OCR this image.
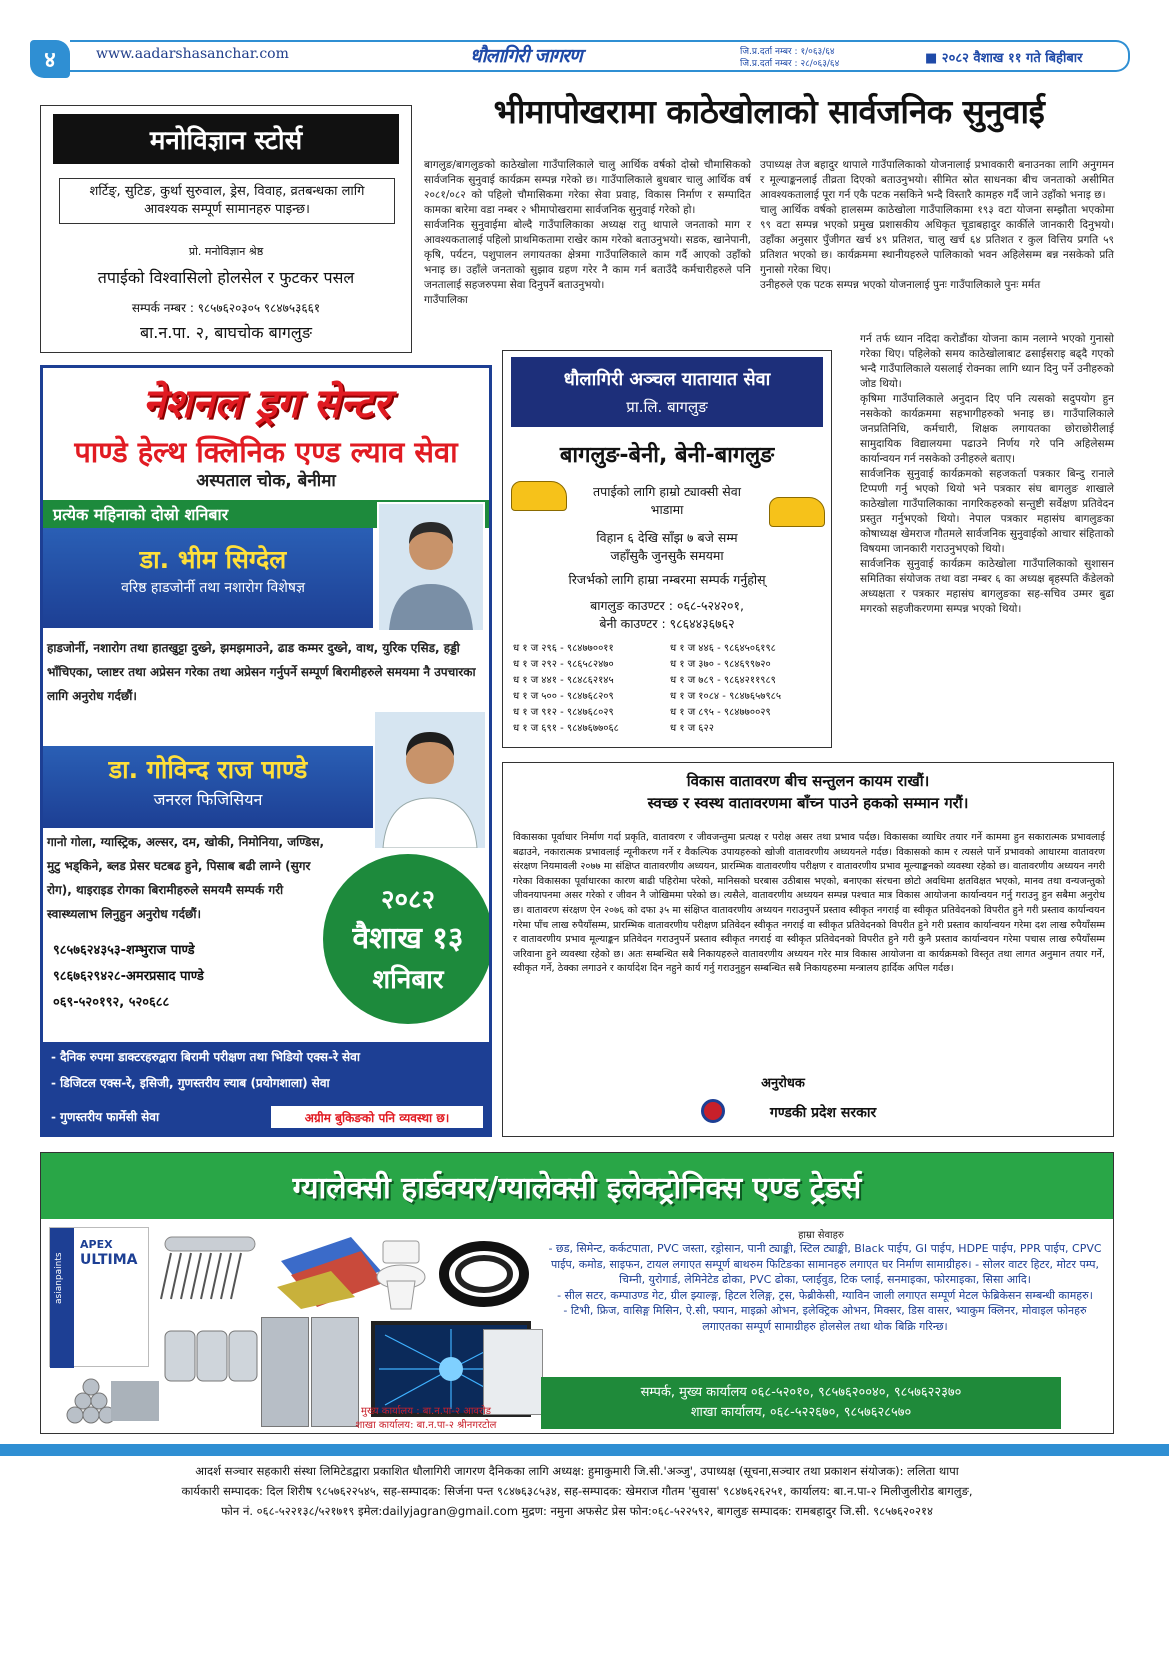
४	www.aadarshasanchar.com	धौलागिरी जागरण	जि.प्र.दर्ता नम्बर : १/०६३/६४
जि.प्र.दर्ता नम्बर : २८/०६३/६४	■ २०८२ वैशाख ११ गते बिहीबार
मनोविज्ञान स्टोर्स
शर्टिङ्, सुटिङ, कुर्था सुरुवाल, ड्रेस, विवाह, व्रतबन्धका लागि आवश्यक सम्पूर्ण सामानहरु पाइन्छ।
प्रो. मनोविज्ञान श्रेष्ठ
तपाईको विश्वासिलो होलसेल र फुटकर पसल
सम्पर्क नम्बर : ९८५७६२०३०५ ९८४७५३६६१
बा.न.पा. २, बाघचोक बागलुङ
भीमापोखरामा काठेखोलाको सार्वजनिक सुनुवाई

बागलुङ/बागलुङको काठेखोला गाउँपालिकाले चालु आर्थिक वर्षको दोस्रो चौमासिकको सार्वजनिक सुनुवाई कार्यक्रम सम्पन्न गरेको छ। गाउँपालिकाले बुधबार चालु आर्थिक वर्ष २०८१/०८२ को पहिलो चौमासिकमा गरेका सेवा प्रवाह, विकास निर्माण र सम्पादित कामका बारेमा वडा नम्बर २ भीमापोखरामा सार्वजनिक सुनुवाई गरेको हो।

सार्वजनिक सुनुवाईमा बोल्दै गाउँपालिकाका अध्यक्ष रातु थापाले जनताको माग र आवश्यकतालाई पहिलो प्राथमिकतामा राखेर काम गरेको बताउनुभयो। सडक, खानेपानी, कृषि, पर्यटन, पशुपालन लगायतका क्षेत्रमा गाउँपालिकाले काम गर्दै आएको उहाँको भनाइ छ। उहाँले जनताको सुझाव ग्रहण गरेर नै काम गर्न बताउँदै कर्मचारीहरुले पनि जनतालाई सहजरुपमा सेवा दिनुपर्ने बताउनुभयो।

गाउँपालिका

उपाध्यक्ष तेज बहादुर थापाले गाउँपालिकाको योजनालाई प्रभावकारी बनाउनका लागि अनुगमन र मूल्याङ्कनलाई तीव्रता दिएको बताउनुभयो। सीमित स्रोत साधनका बीच जनताको असीमित आवश्यकतालाई पूरा गर्न एकै पटक नसकिने भन्दै विस्तारै कामहरु गर्दै जाने उहाँको भनाइ छ।

चालु आर्थिक वर्षको हालसम्म काठेखोला गाउँपालिकामा १९३ वटा योजना सम्झौता भएकोमा ९९ वटा सम्पन्न भएको प्रमुख प्रशासकीय अधिकृत चूडाबहादुर कार्कीले जानकारी दिनुभयो। उहाँका अनुसार पुँजीगत खर्च ४९ प्रतिशत, चालु खर्च ६४ प्रतिशत र कुल वित्तिय प्रगति ५९ प्रतिशत भएको छ। कार्यक्रममा स्थानीयहरुले पालिकाको भवन अहिलेसम्म बन्न नसकेको प्रति गुनासो गरेका थिए।

उनीहरुले एक पटक सम्पन्न भएको योजनालाई पुनः गाउँपालिकाले पुनः मर्मत

गर्न तर्फ ध्यान नदिदा करोडौंका योजना काम नलाग्ने भएको गुनासो गरेका थिए। पहिलेको समय काठेखोलाबाट ढसाईसराइ बढ्दै गएको भन्दै गाउँपालिकाले यसलाई रोक्नका लागि ध्यान दिनु पर्ने उनीहरुको जोड थियो।

कृषिमा गाउँपालिकाले अनुदान दिए पनि त्यसको सदुपयोग हुन नसकेको कार्यक्रममा सहभागीहरुको भनाइ छ। गाउँपालिकाले जनप्रतिनिधि, कर्मचारी, शिक्षक लगायतका छोराछोरीलाई सामुदायिक विद्यालयमा पढाउने निर्णय गरे पनि अहिलेसम्म कार्यान्वयन गर्न नसकेको उनीहरुले बताए।

सार्वजनिक सुनुवाई कार्यक्रमको सहजकर्ता पत्रकार बिन्दु रानाले टिप्पणी गर्नु भएको थियो भने पत्रकार संघ बागलुङ शाखाले काठेखोला गाउँपालिकाका नागरिकहरुको सन्तुष्टी सर्वेक्षण प्रतिवेदन प्रस्तुत गर्नुभएको थियो। नेपाल पत्रकार महासंघ बागलुङका कोषाध्यक्ष खेमराज गौतमले सार्वजनिक सुनुवाईको आचार संहिताको विषयमा जानकारी गराउनुभएको थियो।

सार्वजनिक सुनुवाई कार्यक्रम काठेखोला गाउँपालिकाको सुशासन समितिका संयोजक तथा वडा नम्बर ६ का अध्यक्ष बृहस्पति कँडेलको अध्यक्षता र पत्रकार महासंघ बागलुङका सह-सचिव उम्मर बुढा मगरको सहजीकरणमा सम्पन्न भएको थियो।

नेशनल ड्रग सेन्टर
पाण्डे हेल्थ क्लिनिक एण्ड ल्याव सेवा
अस्पताल चोक, बेनीमा
प्रत्येक महिनाको दोस्रो शनिबार
डा. भीम सिग्देल
वरिष्ठ हाडजोर्नी तथा नशारोग विशेषज्ञ
हाडजोर्नी, नशारोग तथा हातखुट्टा दुख्ने, झमझमाउने, ढाड कम्मर दुख्ने, वाथ, युरिक एसिड, हड्डी भाँचिएका, प्लाष्टर तथा अप्रेसन गरेका तथा अप्रेसन गर्नुपर्ने सम्पूर्ण बिरामीहरुले समयमा नै उपचारका लागि अनुरोध गर्दछौं।
डा. गोविन्द राज पाण्डे
जनरल फिजिसियन
गानो गोला, ग्यास्ट्रिक, अल्सर, दम, खोकी, निमोनिया, जण्डिस, मुटु भड्किने, ब्लड प्रेसर घटबढ हुने, पिसाब बढी लाग्ने (सुगर रोग), थाइराइड रोगका बिरामीहरुले समयमै सम्पर्क गरी स्वास्थ्यलाभ लिनुहुन अनुरोध गर्दछौं।	२०८२
वैशाख १३
शनिबार
९८५७६२४३५३-शम्भुराज पाण्डे
९८६७६२९४२८-अमरप्रसाद पाण्डे
०६९-५२०१९२, ५२०६८८
- दैनिक रुपमा डाक्टरहरुद्वारा बिरामी परीक्षण तथा भिडियो एक्स-रे सेवा
- डिजिटल एक्स-रे, इसिजी, गुणस्तरीय ल्याब (प्रयोगशाला) सेवा
- गुणस्तरीय फार्मेसी सेवा	अग्रीम बुकिङको पनि व्यवस्था छ।
धौलागिरी अञ्चल यातायात सेवा
प्रा.लि. बागलुङ
बागलुङ-बेनी, बेनी-बागलुङ
तपाईको लागि हाम्रो ट्याक्सी सेवा
भाडामा
विहान ६ देखि साँझ ७ बजे सम्म
जहाँसुकै जुनसुकै समयमा
रिजर्भको लागि हाम्रा नम्बरमा सम्पर्क गर्नुहोस्
बागलुङ काउण्टर : ०६८-५२४२०१,
बेनी काउण्टर : ९८६४४३६७६२
ध १ ज २९६ - ९८४७७००११	ध १ ज ४४६ - ९८६४५०६१९८
ध १ ज २९२ - ९८६५८२४७०	ध १ ज ३७० - ९८४६९९७२०
ध १ ज ४४१ - ९८४८६२१४५	ध १ ज ७८९ - ९८६४२११९८९
ध १ ज ५०० - ९८४७६८२०९	ध १ ज १०८४ - ९८४७६५७९८५
ध १ ज ९१२ - ९८४७६८०२९	ध १ ज ८९५ - ९८४७७००२९
ध १ ज ६९१ - ९८४७६७७०६८	ध १ ज ६२२
विकास वातावरण बीच सन्तुलन कायम राखौं।
स्वच्छ र स्वस्थ वातावरणमा बाँच्न पाउने हकको सम्मान गरौं।
विकासका पूर्वाधार निर्माण गर्दा प्रकृति, वातावरण र जीवजन्तुमा प्रत्यक्ष र परोक्ष असर तथा प्रभाव पर्दछ। विकासका व्याधिर तयार गर्ने काममा हुन सकारात्मक प्रभावलाई बढाउने, नकारात्मक प्रभावलाई न्यूनीकरण गर्ने र वैकल्पिक उपायहरुको खोजी वातावरणीय अध्ययनले गर्दछ। विकासको काम र त्यसले पार्ने प्रभावको आधारमा वातावरण संरक्षण नियमावली २०७७ मा संक्षिप्त वातावरणीय अध्ययन, प्रारम्भिक वातावरणीय परीक्षण र वातावरणीय प्रभाव मूल्याङ्कनको व्यवस्था रहेको छ। वातावरणीय अध्ययन नगरी गरेका विकासका पूर्वाधारका कारण बाढी पहिरोमा परेको, मानिसको घरबास उठीबास भएको, बनाएका संरचना छोटो अवधिमा क्षतविक्षत भएको, मानव तथा वन्यजन्तुको जीवनयापनमा असर गरेको र जीवन नै जोखिममा परेको छ। त्यसैले, वातावरणीय अध्ययन सम्पन्न पश्चात मात्र विकास आयोजना कार्यान्वयन गर्नु गराउनु हुन सबैमा अनुरोध छ। वातावरण संरक्षण ऐन २०७६ को दफा ३५ मा संक्षिप्त वातावरणीय अध्ययन गराउनुपर्ने प्रस्ताव स्वीकृत नगराई वा स्वीकृत प्रतिवेदनको विपरीत हुने गरी प्रस्ताव कार्यान्वयन गरेमा पाँच लाख रुपैयाँसम्म, प्रारम्भिक वातावरणीय परीक्षण प्रतिवेदन स्वीकृत नगराई वा स्वीकृत प्रतिवेदनको विपरीत हुने गरी प्रस्ताव कार्यान्वयन गरेमा दश लाख रुपैयाँसम्म र वातावरणीय प्रभाव मूल्याङ्कन प्रतिवेदन गराउनुपर्ने प्रस्ताव स्वीकृत नगराई वा स्वीकृत प्रतिवेदनको विपरीत हुने गरी कुनै प्रस्ताव कार्यान्वयन गरेमा पचास लाख रुपैयाँसम्म जरिवाना हुने व्यवस्था रहेको छ। अतः सम्बन्धित सबै निकायहरुले वातावरणीय अध्ययन गरेर मात्र विकास आयोजना वा कार्यक्रमको विस्तृत तथा लागत अनुमान तयार गर्ने, स्वीकृत गर्ने, ठेक्का लगाउने र कार्यादेश दिन नहुने कार्य गर्नु गराउनुहुन सम्बन्धित सबै निकायहरुमा मन्त्रालय हार्दिक अपिल गर्दछ।
अनुरोधक
गण्डकी प्रदेश सरकार
ग्यालेक्सी हार्डवयर/ग्यालेक्सी इलेक्ट्रोनिक्स एण्ड ट्रेडर्स
APEX
ULTIMA
asianpaints
मुख्य कार्यालय : बा.न.पा-२ आवरोड
शाखा कार्यालय: बा.न.पा-२ श्रीनगरटोल
हाम्रा सेवाहरु
- छड, सिमेन्ट, कर्कटपाता, PVC जस्ता, रड्रोसान, पानी ट्याङ्की, स्टिल ट्याङ्की, Black पाईप, GI पाईप, HDPE पाईप, PPR पाईप, CPVC पाईप, कमोड, साइफन, टायल लगाएत सम्पूर्ण बाथरुम फिटिङका सामानहरु लगाएत घर निर्माण सामाग्रीहरु। - सोलर वाटर हिटर, मोटर पम्प, चिम्नी, युरोगार्ड, लेमिनेटेड ढोका, PVC ढोका, प्लाईवुड, टिक प्लाई, सनमाइका, फोरमाइका, सिसा आदि।
- सील सटर, कम्पाउण्ड गेट, ग्रील झ्याल्ङ्ग, हिटल रेलिङ्ग, ट्रस, फेब्रीकेसी, ग्याविन जाली लगाएत सम्पूर्ण मेटल फेब्रिकेसन सम्बन्धी कामहरु।
- टिभी, फ्रिज, वासिङ्ग मिसिन, ऐ.सी, फ्यान, माइक्रो ओभन, इलेक्ट्रिक ओभन, मिक्सर, डिस वासर, भ्याकुम क्लिनर, मोवाइल फोनहरु लगाएतका सम्पूर्ण सामाग्रीहरु होलसेल तथा थोक बिक्रि गरिन्छ।
सम्पर्क, मुख्य कार्यालय ०६८-५२०१०, ९८५७६२००४०, ९८५७६२२३७०
शाखा कार्यालय, ०६८-५२२६७०, ९८५७६२८५७०
आदर्श सञ्चार सहकारी संस्था लिमिटेडद्वारा प्रकाशित धौलागिरी जागरण दैनिकका लागि अध्यक्ष: हुमाकुमारी जि.सी.'अञ्जु', उपाध्यक्ष (सूचना,सञ्चार तथा प्रकाशन संयोजक): ललिता थापा
कार्यकारी सम्पादक: दिल शिरीष ९८५७६२२५४५, सह-सम्पादक: सिर्जना पन्त ९८४७६३८५३४, सह-सम्पादक: खेमराज गौतम 'सुवास' ९८४७६२६२५१, कार्यालय: बा.न.पा-२ मिलीजुलीरोड बागलुङ,
फोन नं. ०६८-५२२१३८/५२१७१९ इमेल:dailyjagran@gmail.com मुद्रण: नमुना अफसेट प्रेस फोन:०६८-५२२५९२, बागलुङ सम्पादक: रामबहादुर जि.सी. ९८५७६२०२१४
